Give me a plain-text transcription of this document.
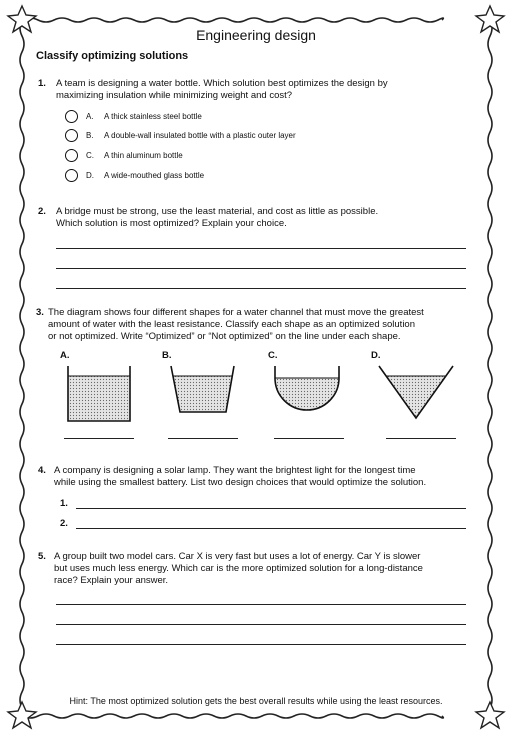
Engineering design
Classify optimizing solutions
1. A team is designing a water bottle. Which solution best optimizes the design by
maximizing insulation while minimizing weight and cost?
A. A thick stainless steel bottle
B. A double-wall insulated bottle with a plastic outer layer
C. A thin aluminum bottle
D. A wide-mouthed glass bottle
2. A bridge must be strong, use the least material, and cost as little as possible.
Which solution is most optimized? Explain your choice.
3. The diagram shows four different shapes for a water channel that must move the greatest
amount of water with the least resistance. Classify each shape as an optimized solution
or not optimized. Write “Optimized” or “Not optimized” on the line under each shape.
A.	B.	C.	D.
4. A company is designing a solar lamp. They want the brightest light for the longest time
while using the smallest battery. List two design choices that would optimize the solution.
1.
2.
5. A group built two model cars. Car X is very fast but uses a lot of energy. Car Y is slower
but uses much less energy. Which car is the more optimized solution for a long-distance
race? Explain your answer.
Hint: The most optimized solution gets the best overall results while using the least resources.
